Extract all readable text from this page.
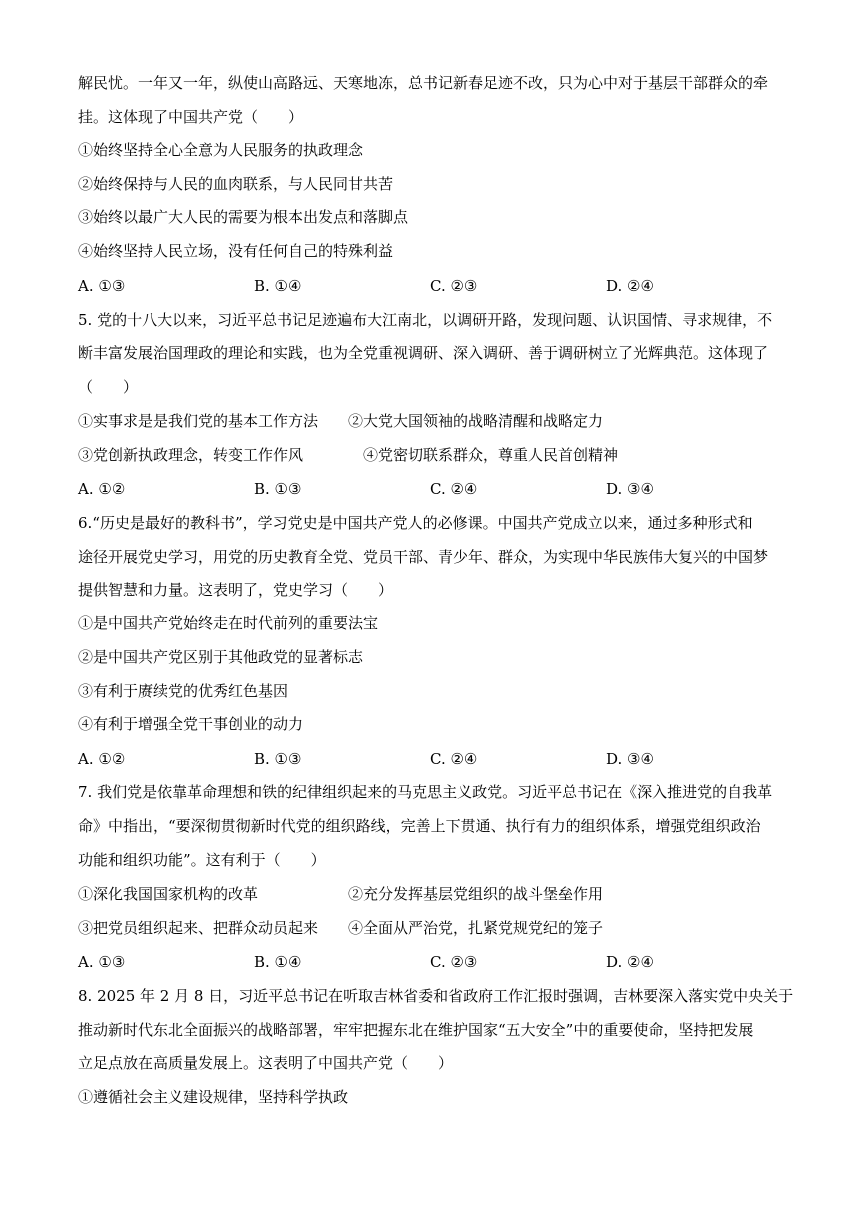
解民忧。一年又一年，纵使山高路远、天寒地冻，总书记新春足迹不改，只为心中对于基层干部群众的牵
挂。这体现了中国共产党（　　）
①始终坚持全心全意为人民服务的执政理念
②始终保持与人民的血肉联系，与人民同甘共苦
③始终以最广大人民的需要为根本出发点和落脚点
④始终坚持人民立场，没有任何自己的特殊利益
A. ①③	B. ①④	C. ②③	D. ②④
5. 党的十八大以来，习近平总书记足迹遍布大江南北，以调研开路，发现问题、认识国情、寻求规律，不
断丰富发展治国理政的理论和实践，也为全党重视调研、深入调研、善于调研树立了光辉典范。这体现了
（　　）
①实事求是是我们党的基本工作方法　　②大党大国领袖的战略清醒和战略定力
③党创新执政理念，转变工作作风　　　　④党密切联系群众，尊重人民首创精神
A. ①②	B. ①③	C. ②④	D. ③④
6.“历史是最好的教科书”，学习党史是中国共产党人的必修课。中国共产党成立以来，通过多种形式和
途径开展党史学习，用党的历史教育全党、党员干部、青少年、群众，为实现中华民族伟大复兴的中国梦
提供智慧和力量。这表明了，党史学习（　　）
①是中国共产党始终走在时代前列的重要法宝
②是中国共产党区别于其他政党的显著标志
③有利于赓续党的优秀红色基因
④有利于增强全党干事创业的动力
A. ①②	B. ①③	C. ②④	D. ③④
7. 我们党是依靠革命理想和铁的纪律组织起来的马克思主义政党。习近平总书记在《深入推进党的自我革
命》中指出，“要深彻贯彻新时代党的组织路线，完善上下贯通、执行有力的组织体系，增强党组织政治
功能和组织功能”。这有利于（　　）
①深化我国国家机构的改革　　　　　　②充分发挥基层党组织的战斗堡垒作用
③把党员组织起来、把群众动员起来　　④全面从严治党，扎紧党规党纪的笼子
A. ①③	B. ①④	C. ②③	D. ②④
8. 2025 年 2 月 8 日，习近平总书记在听取吉林省委和省政府工作汇报时强调，吉林要深入落实党中央关于
推动新时代东北全面振兴的战略部署，牢牢把握东北在维护国家“五大安全”中的重要使命，坚持把发展
立足点放在高质量发展上。这表明了中国共产党（　　）
①遵循社会主义建设规律，坚持科学执政
